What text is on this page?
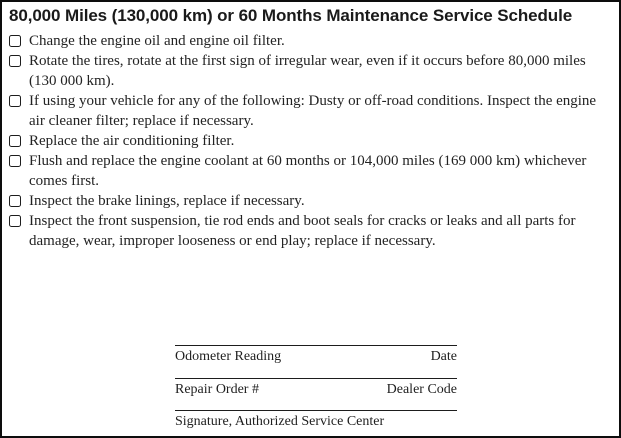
80,000 Miles (130,000 km) or 60 Months Maintenance Service Schedule
Change the engine oil and engine oil filter.
Rotate the tires, rotate at the first sign of irregular wear, even if it occurs before 80,000 miles (130 000 km).
If using your vehicle for any of the following: Dusty or off-road conditions. Inspect the engine air cleaner filter; replace if necessary.
Replace the air conditioning filter.
Flush and replace the engine coolant at 60 months or 104,000 miles (169 000 km) whichever comes first.
Inspect the brake linings, replace if necessary.
Inspect the front suspension, tie rod ends and boot seals for cracks or leaks and all parts for damage, wear, improper looseness or end play; replace if necessary.
Odometer Reading	Date
Repair Order #	Dealer Code
Signature, Authorized Service Center
